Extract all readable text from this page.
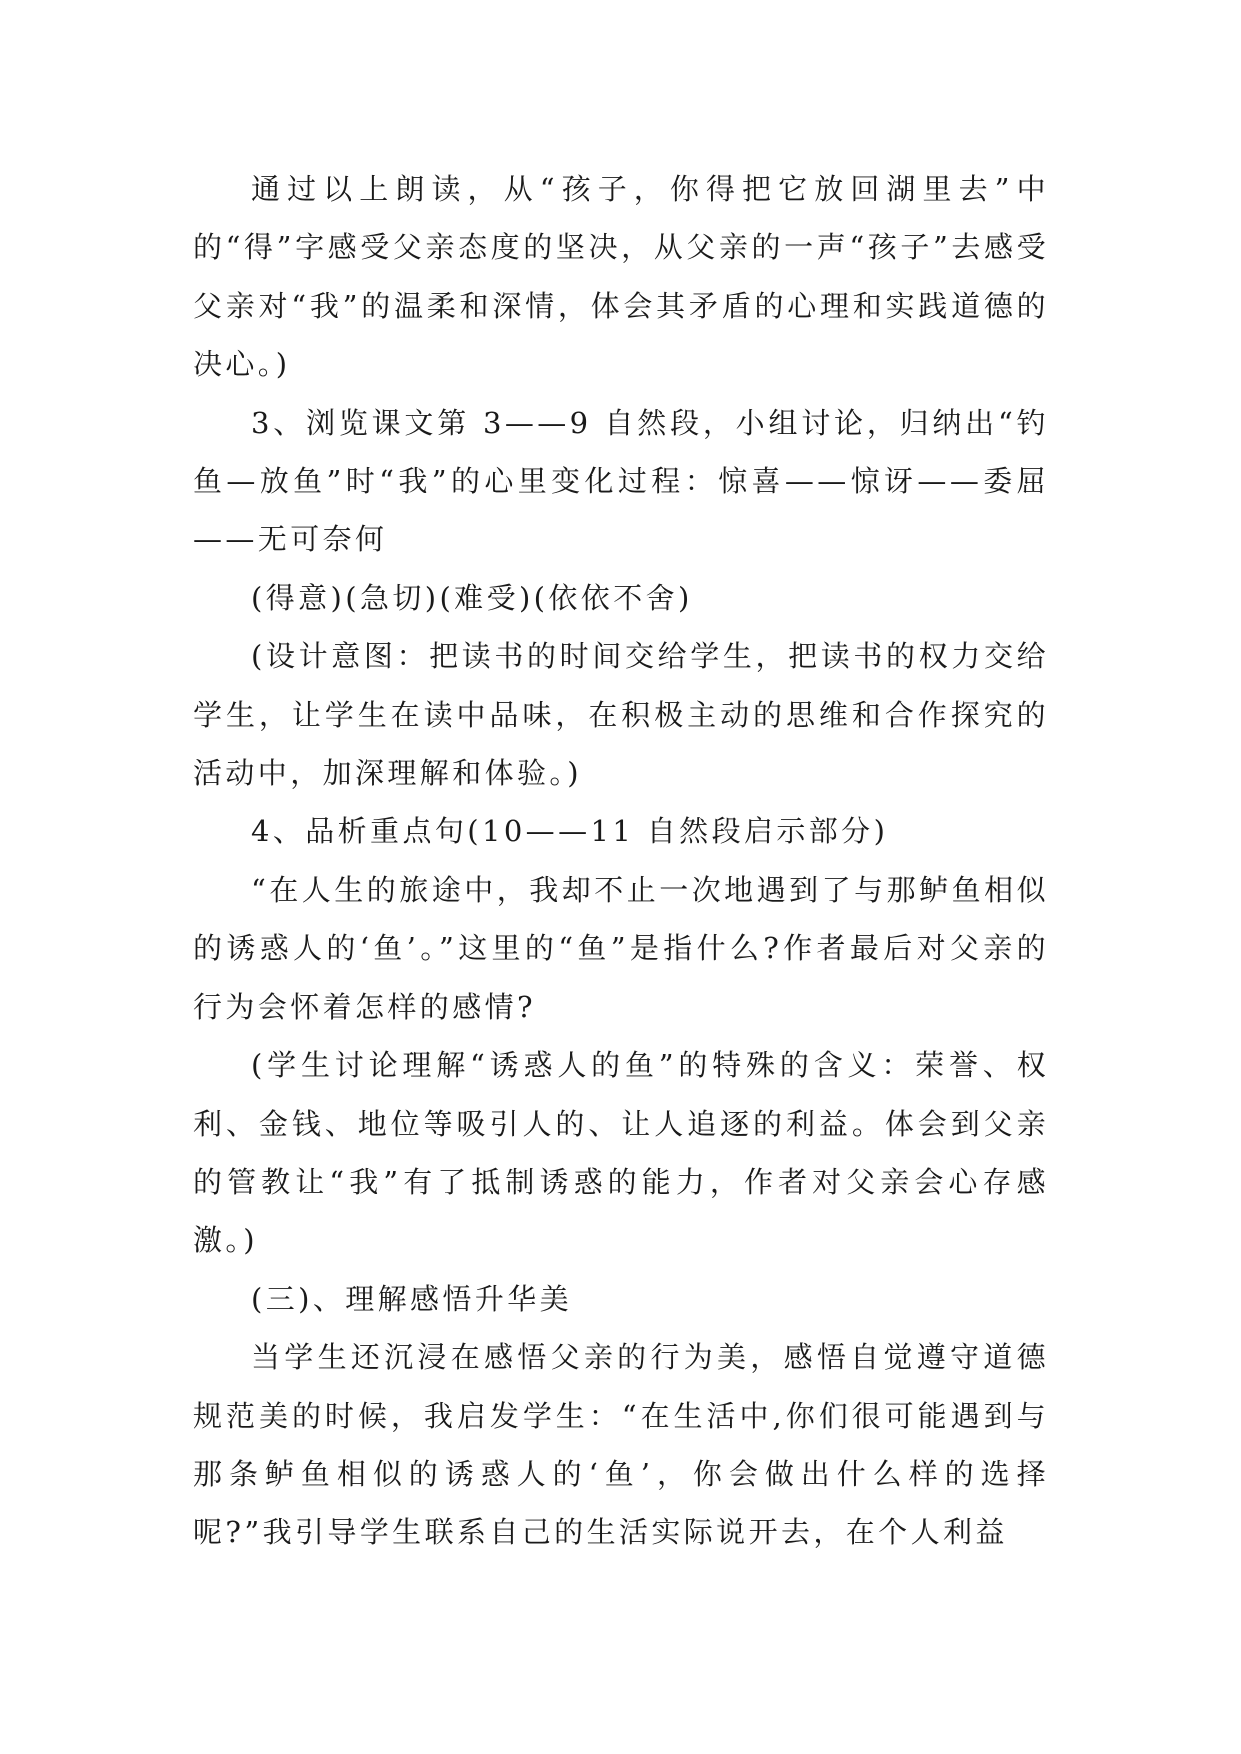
通过以上朗读，从“孩子，你得把它放回湖里去”中的“得”字感受父亲态度的坚决，从父亲的一声“孩子”去感受父亲对“我”的温柔和深情，体会其矛盾的心理和实践道德的决心。)

3、浏览课文第 3——9 自然段，小组讨论，归纳出“钓鱼—放鱼”时“我”的心里变化过程：惊喜——惊讶——委屈——无可奈何

(得意)(急切)(难受)(依依不舍)

(设计意图：把读书的时间交给学生，把读书的权力交给学生，让学生在读中品味，在积极主动的思维和合作探究的活动中，加深理解和体验。)

4、品析重点句(10——11 自然段启示部分)

“在人生的旅途中，我却不止一次地遇到了与那鲈鱼相似的诱惑人的‘鱼’。”这里的“鱼”是指什么?作者最后对父亲的行为会怀着怎样的感情?

(学生讨论理解“诱惑人的鱼”的特殊的含义：荣誉、权利、金钱、地位等吸引人的、让人追逐的利益。体会到父亲的管教让“我”有了抵制诱惑的能力，作者对父亲会心存感激。)

(三)、理解感悟升华美

当学生还沉浸在感悟父亲的行为美，感悟自觉遵守道德规范美的时候，我启发学生：“在生活中,你们很可能遇到与那条鲈鱼相似的诱惑人的‘鱼’，你会做出什么样的选择呢?”我引导学生联系自己的生活实际说开去，在个人利益
